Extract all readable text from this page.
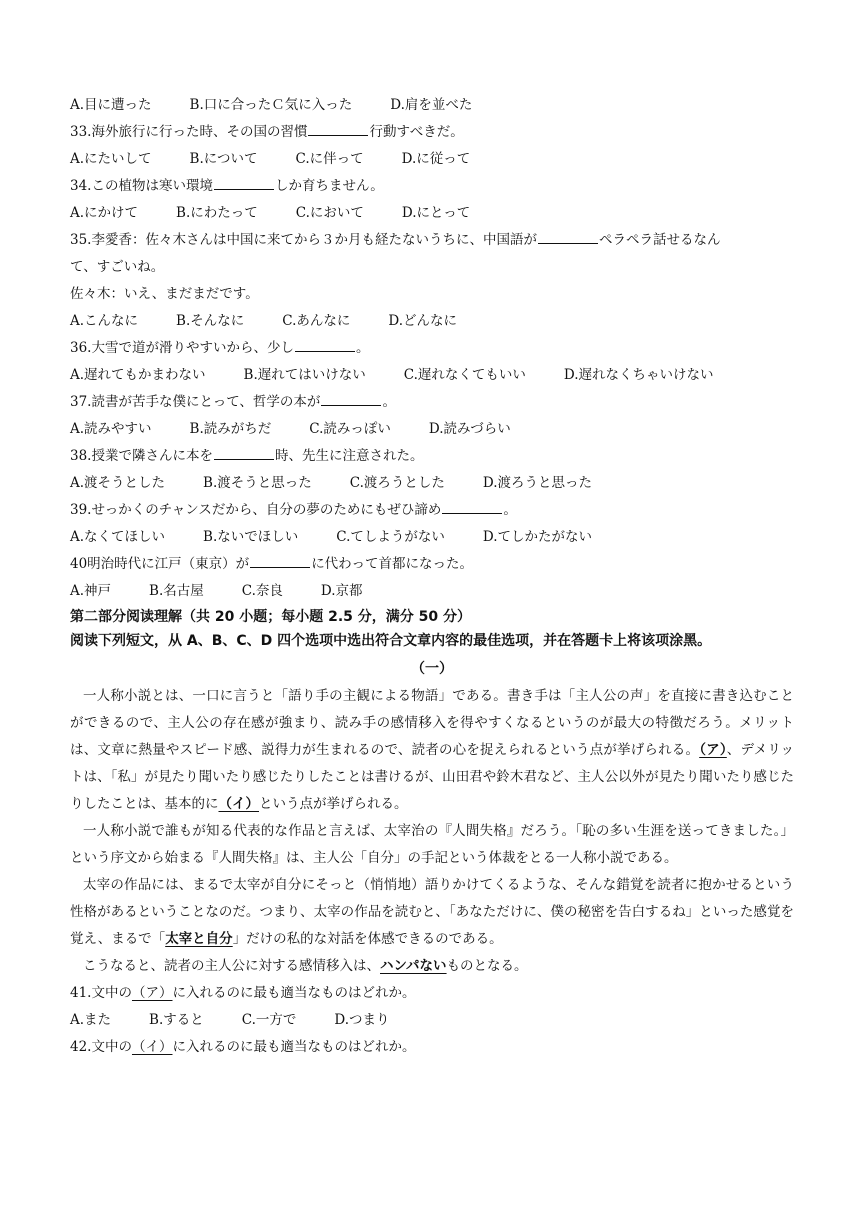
A.目に遭った	B.口に合ったＣ気に入った	D.肩を並べた

33.海外旅行に行った時、その国の習慣	行動すべきだ。

A.にたいして	B.について	C.に伴って	D.に従って

34.この植物は寒い環境	しか育ちません。

A.にかけて	B.にわたって	C.において	D.にとって

35.李愛香：佐々木さんは中国に来てから３か月も経たないうちに、中国語が	ペラペラ話せるなん

て、すごいね。

佐々木：いえ、まだまだです。

A.こんなに	B.そんなに	C.あんなに	D.どんなに

36.大雪で道が滑りやすいから、少し	。

A.遅れてもかまわない	B.遅れてはいけない	C.遅れなくてもいい	D.遅れなくちゃいけない

37.読書が苦手な僕にとって、哲学の本が	。

A.読みやすい	B.読みがちだ	C.読みっぽい	D.読みづらい

38.授業で隣さんに本を	時、先生に注意された。

A.渡そうとした	B.渡そうと思った	C.渡ろうとした	D.渡ろうと思った

39.せっかくのチャンスだから、自分の夢のためにもぜひ諦め	。

A.なくてほしい	B.ないでほしい	C.てしようがない	D.てしかたがない

40明治時代に江戸（東京）が	に代わって首都になった。

A.神戸	B.名古屋	C.奈良	D.京都

第二部分阅读理解（共 20 小题；每小题 2.5 分，满分 50 分）

阅读下列短文，从 A、B、C、D 四个选项中选出符合文章内容的最佳选项，并在答题卡上将该项涂黑。

（一）

一人称小説とは、一口に言うと「語り手の主観による物語」である。書き手は「主人公の声」を直接に書き込むことができるので、主人公の存在感が強まり、読み手の感情移入を得やすくなるというのが最大の特徴だろう。メリットは、文章に熱量やスピード感、説得力が生まれるので、読者の心を捉えられるという点が挙げられる。（ア）、デメリットは、「私」が見たり聞いたり感じたりしたことは書けるが、山田君や鈴木君など、主人公以外が見たり聞いたり感じたりしたことは、基本的に（イ）という点が挙げられる。

一人称小説で誰もが知る代表的な作品と言えば、太宰治の『人間失格』だろう。「恥の多い生涯を送ってきました。」という序文から始まる『人間失格』は、主人公「自分」の手記という体裁をとる一人称小説である。

太宰の作品には、まるで太宰が自分にそっと（悄悄地）語りかけてくるような、そんな錯覚を読者に抱かせるという性格があるということなのだ。つまり、太宰の作品を読むと、「あなただけに、僕の秘密を告白するね」といった感覚を覚え、まるで「太宰と自分」だけの私的な対話を体感できるのである。

こうなると、読者の主人公に対する感情移入は、ハンパないものとなる。

41.文中の（ア）に入れるのに最も適当なものはどれか。

A.また	B.すると	C.一方で	D.つまり

42.文中の（イ）に入れるのに最も適当なものはどれか。
